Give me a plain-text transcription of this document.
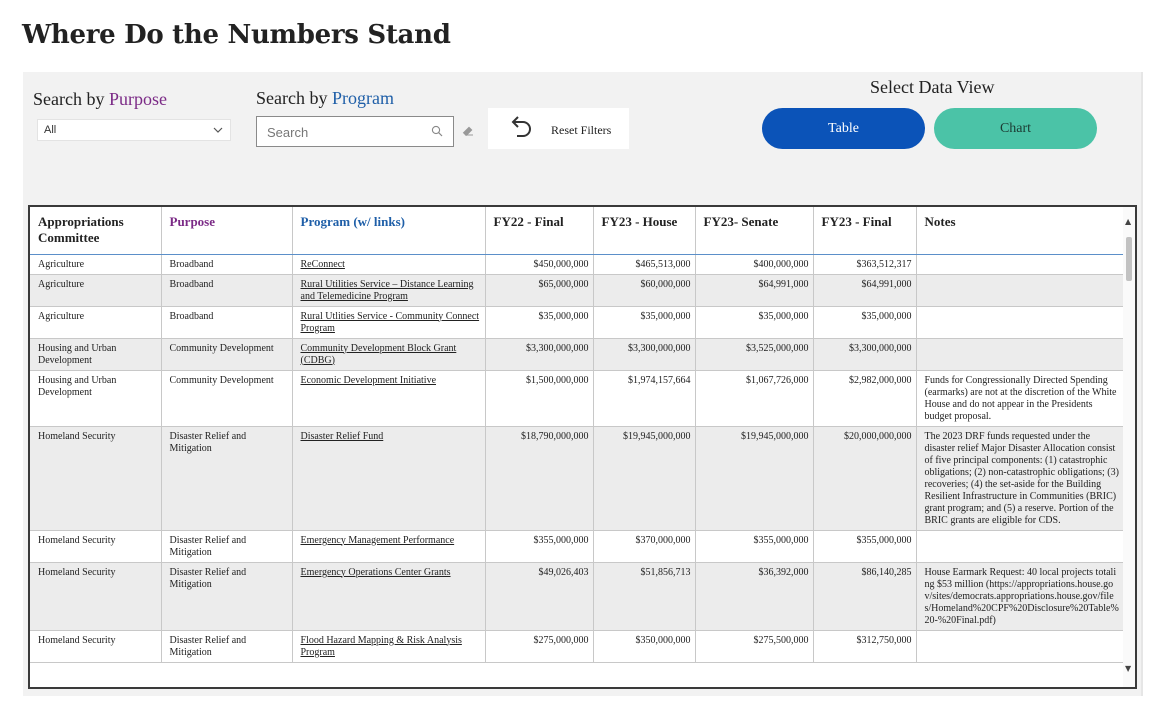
Where Do the Numbers Stand
Search by Purpose
All
Search by Program
Search
Reset Filters
Select Data View
Table	Chart
Appropriations Committee	Purpose	Program (w/ links)	FY22 - Final	FY23 - House	FY23- Senate	FY23 - Final	Notes
Agriculture	Broadband	ReConnect	$450,000,000	$465,513,000	$400,000,000	$363,512,317	
Agriculture	Broadband	Rural Utilities Service – Distance Learning and Telemedicine Program	$65,000,000	$60,000,000	$64,991,000	$64,991,000	
Agriculture	Broadband	Rural Utlities Service - Community Connect Program	$35,000,000	$35,000,000	$35,000,000	$35,000,000	
Housing and Urban Development	Community Development	Community Development Block Grant (CDBG)	$3,300,000,000	$3,300,000,000	$3,525,000,000	$3,300,000,000	
Housing and Urban Development	Community Development	Economic Development Initiative	$1,500,000,000	$1,974,157,664	$1,067,726,000	$2,982,000,000	Funds for Congressionally Directed Spending (earmarks) are not at the discretion of the White House and do not appear in the Presidents budget proposal.
Homeland Security	Disaster Relief and Mitigation	Disaster Relief Fund	$18,790,000,000	$19,945,000,000	$19,945,000,000	$20,000,000,000	The 2023 DRF funds requested under the disaster relief Major Disaster Allocation consist of five principal components: (1) catastrophic obligations; (2) non-catastrophic obligations; (3) recoveries; (4) the set-aside for the Building Resilient Infrastructure in Communities (BRIC) grant program; and (5) a reserve. Portion of the BRIC grants are eligible for CDS.
Homeland Security	Disaster Relief and Mitigation	Emergency Management Performance	$355,000,000	$370,000,000	$355,000,000	$355,000,000	
Homeland Security	Disaster Relief and Mitigation	Emergency Operations Center Grants	$49,026,403	$51,856,713	$36,392,000	$86,140,285	House Earmark Request: 40 local projects totaling $53 million (https://appropriations.house.gov/sites/democrats.appropriations.house.gov/files/Homeland%20CPF%20Disclosure%20Table%20-%20Final.pdf)
Homeland Security	Disaster Relief and Mitigation	Flood Hazard Mapping & Risk Analysis Program	$275,000,000	$350,000,000	$275,500,000	$312,750,000	
▲
▼
